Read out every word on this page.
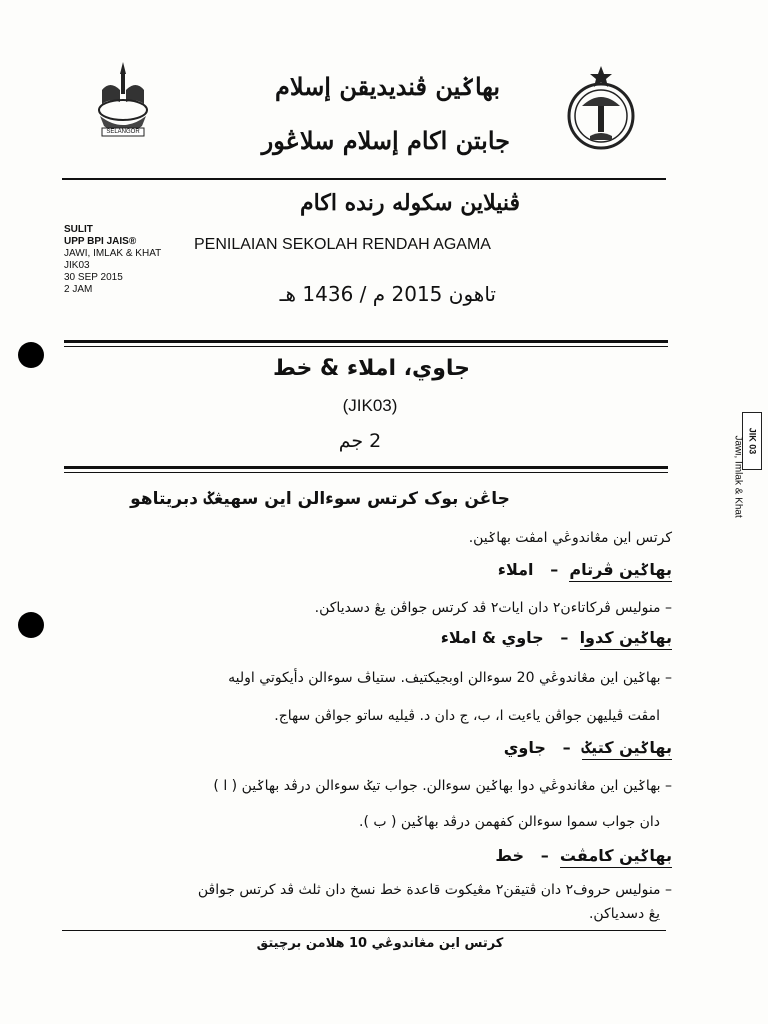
SELANGOR
بهاݢين ڤنديديقن إسلام
جابتن اكام إسلام سلاڠور
SULIT
UPP BPI JAIS®
JAWI, IMLAK & KHAT
JIK03
30 SEP 2015
2 JAM
ڤنيلاين سكوله رنده اكام
PENILAIAN SEKOLAH RENDAH AGAMA
تاهون 2015 م / 1436 هـ
جاوي، املاء & خط
(JIK03)
2 جم
جاڠن بوک کرتس سوءالن اين سهيڠݢ دبريتاهو
کرتس اين مڠاندوڠي امڤت بهاݢين.
بهاݢين ڤرتام  –   املاء
– منوليس ڤركاتاءن٢ دان ايات٢ ڤد کرتس جواڤن يڠ دسدياکن.
بهاݢين کدوا  –   جاوي & املاء
– بهاݢين اين مڠاندوڠي 20 سوءالن اوبجيکتيف. ستياڤ سوءالن دأيکوتي اوليه
امڤت ڤيليهن جواڤن ياءيت ا، ب، ج دان د. ڤيليه ساتو جواڤن سهاج.
بهاݢين کتيݢ  –   جاوي
– بهاݢين اين مڠاندوڠي دوا بهاݢين سوءالن. جواب تيݢ سوءالن درڤد بهاݢين ( ا )
دان جواب سموا سوءالن کفهمن درڤد بهاݢين ( ب ).
بهاݢين کامڤت  –   خط
– منوليس حروف٢ دان ڤتيقن٢ مڠيکوت قاعدة خط نسخ دان ثلث ڤد کرتس جواڤن
يڠ دسدياکن.
کرتس اين مڠاندوڠي 10 هلامن برچيتق
JIK 03
Jawi, Imlak & Khat
